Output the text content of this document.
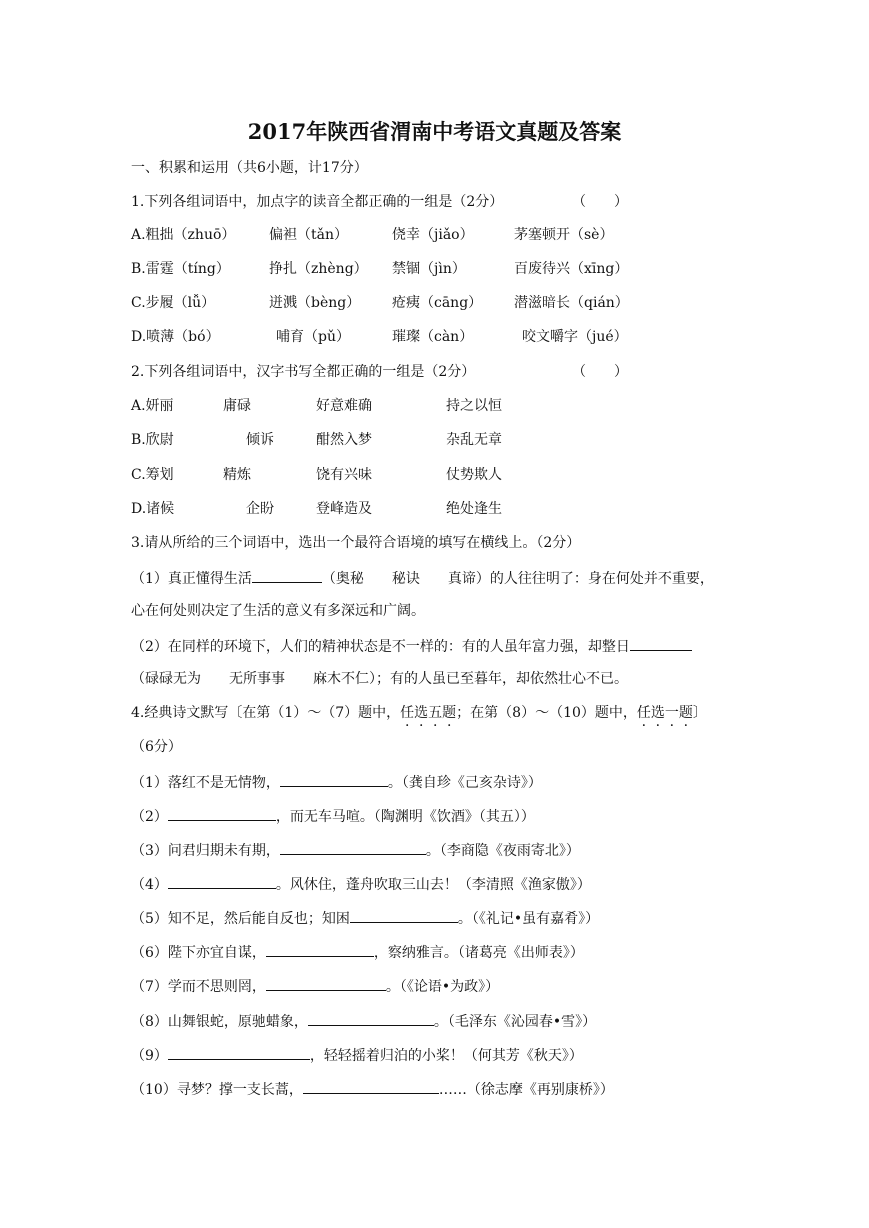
2017年陕西省渭南中考语文真题及答案
一、积累和运用（共6小题，计17分）
1.下列各组词语中，加点字的读音全都正确的一组是（2分）	（　　）
A.粗拙（zhuō） 偏袒（tǎn）	侥幸（jiǎo）	茅塞顿开（sè）
B.雷霆（tíng）	挣扎（zhèng） 禁锢（jìn）	百废待兴（xīng）
C.步履（lǚ）	迸溅（bèng） 疮痍（cāng） 潜滋暗长（qián）
D.喷薄（bó）	哺育（pǔ）	璀璨（càn）	咬文嚼字（jué）
2.下列各组词语中，汉字书写全都正确的一组是（2分）	（　　）
A.妍丽	庸碌	好意难确	持之以恒
B.欣尉	倾诉	酣然入梦	杂乱无章
C.筹划	精炼	饶有兴味	仗势欺人
D.诸候	企盼	登峰造及	绝处逢生
3.请从所给的三个词语中，选出一个最符合语境的填写在横线上。（2分）
（1）真正懂得生活	（奥秘　　秘诀　　真谛）的人往往明了：身在何处并不重要，
心在何处则决定了生活的意义有多深远和广阔。
（2）在同样的环境下，人们的精神状态是不一样的：有的人虽年富力强，却整日
（碌碌无为　　无所事事　　麻木不仁）；有的人虽已至暮年，却依然壮心不已。
4.经典诗文默写〔在第（1）～（7）题中，任选五题；在第（8）～（10）题中，任选一题〕
（6分）
（1）落红不是无情物，	。（龚自珍《己亥杂诗》）
（2）	，而无车马喧。（陶渊明《饮酒》（其五））
（3）问君归期未有期，	。（李商隐《夜雨寄北》）
（4）	。风休住，蓬舟吹取三山去！（李清照《渔家傲》）
（5）知不足，然后能自反也；知困	。（《礼记•虽有嘉肴》）
（6）陛下亦宜自谋，	，察纳雅言。（诸葛亮《出师表》）
（7）学而不思则罔，	。（《论语•为政》）
（8）山舞银蛇，原驰蜡象，	。（毛泽东《沁园春•雪》）
（9）	，轻轻摇着归泊的小桨！（何其芳《秋天》）
（10）寻梦？撑一支长蒿，	……（徐志摩《再别康桥》）
